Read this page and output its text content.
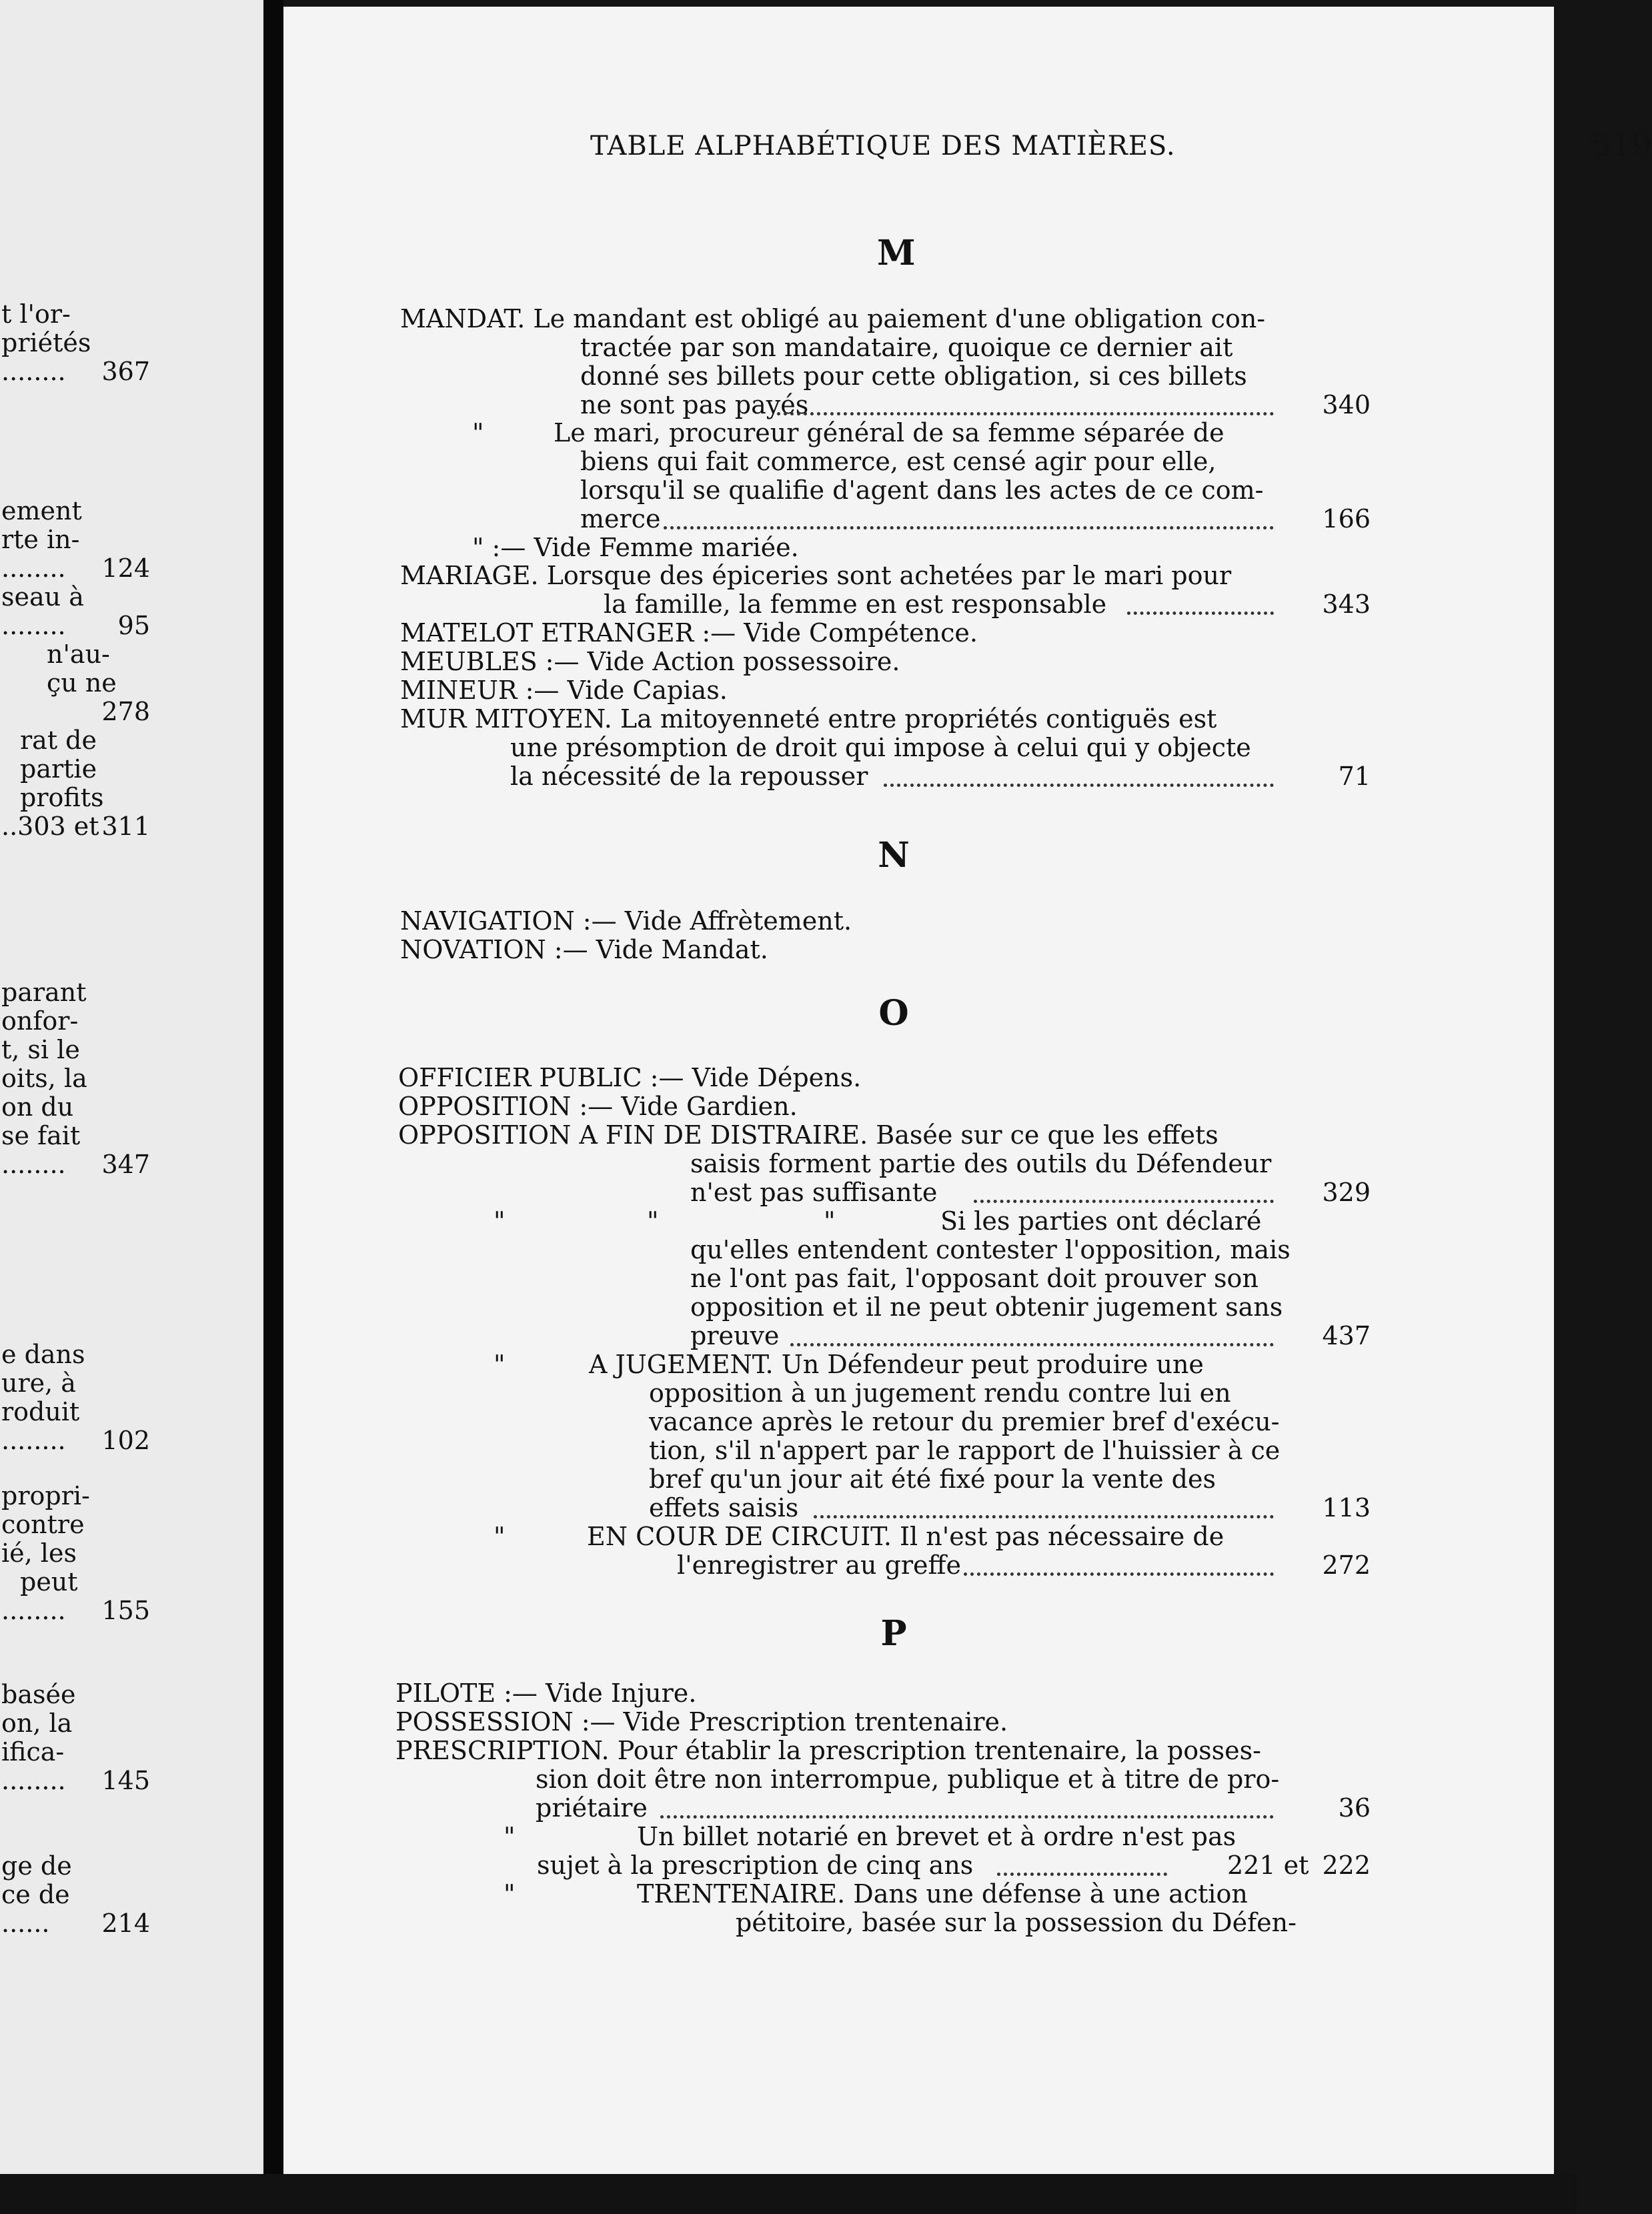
t l'or-
priétés
........	367
ement
rte in-
........	124
seau à
........	95
n'au-
çu ne
278
rat de
partie
profits
..303 et 311
parant
onfor-
t, si le
oits, la
on du
se fait
........	347
e dans
ure, à
roduit
........	102
propri-
contre
ié, les
peut
........	155
basée
on, la
ifica-
........	145
ge de
ce de
......	214
TABLE ALPHABÉTIQUE DES MATIÈRES.	519
M
MANDAT. Le mandant est obligé au paiement d'une obligation con-
tractée par son mandataire, quoique ce dernier ait
donné ses billets pour cette obligation, si ces billets
ne sont pas payés	340
"	Le mari, procureur général de sa femme séparée de
biens qui fait commerce, est censé agir pour elle,
lorsqu'il se qualifie d'agent dans les actes de ce com-
merce	166
" :— Vide Femme mariée.
MARIAGE. Lorsque des épiceries sont achetées par le mari pour
la famille, la femme en est responsable	343
MATELOT ETRANGER :— Vide Compétence.
MEUBLES :— Vide Action possessoire.
MINEUR :— Vide Capias.
MUR MITOYEN. La mitoyenneté entre propriétés contiguës est
une présomption de droit qui impose à celui qui y objecte
la nécessité de la repousser	71
N
NAVIGATION :— Vide Affrètement.
NOVATION :— Vide Mandat.
O
OFFICIER PUBLIC :— Vide Dépens.
OPPOSITION :— Vide Gardien.
OPPOSITION A FIN DE DISTRAIRE. Basée sur ce que les effets
saisis forment partie des outils du Défendeur
n'est pas suffisante	329
"	"	"	Si les parties ont déclaré
qu'elles entendent contester l'opposition, mais
ne l'ont pas fait, l'opposant doit prouver son
opposition et il ne peut obtenir jugement sans
preuve	437
"	A JUGEMENT. Un Défendeur peut produire une
opposition à un jugement rendu contre lui en
vacance après le retour du premier bref d'exécu-
tion, s'il n'appert par le rapport de l'huissier à ce
bref qu'un jour ait été fixé pour la vente des
effets saisis	113
"	EN COUR DE CIRCUIT. Il n'est pas nécessaire de
l'enregistrer au greffe	272
P
PILOTE :— Vide Injure.
POSSESSION :— Vide Prescription trentenaire.
PRESCRIPTION. Pour établir la prescription trentenaire, la posses-
sion doit être non interrompue, publique et à titre de pro-
priétaire	36
"	Un billet notarié en brevet et à ordre n'est pas
sujet à la prescription de cinq ans	221 et 222
"	TRENTENAIRE. Dans une défense à une action
pétitoire, basée sur la possession du Défen-
